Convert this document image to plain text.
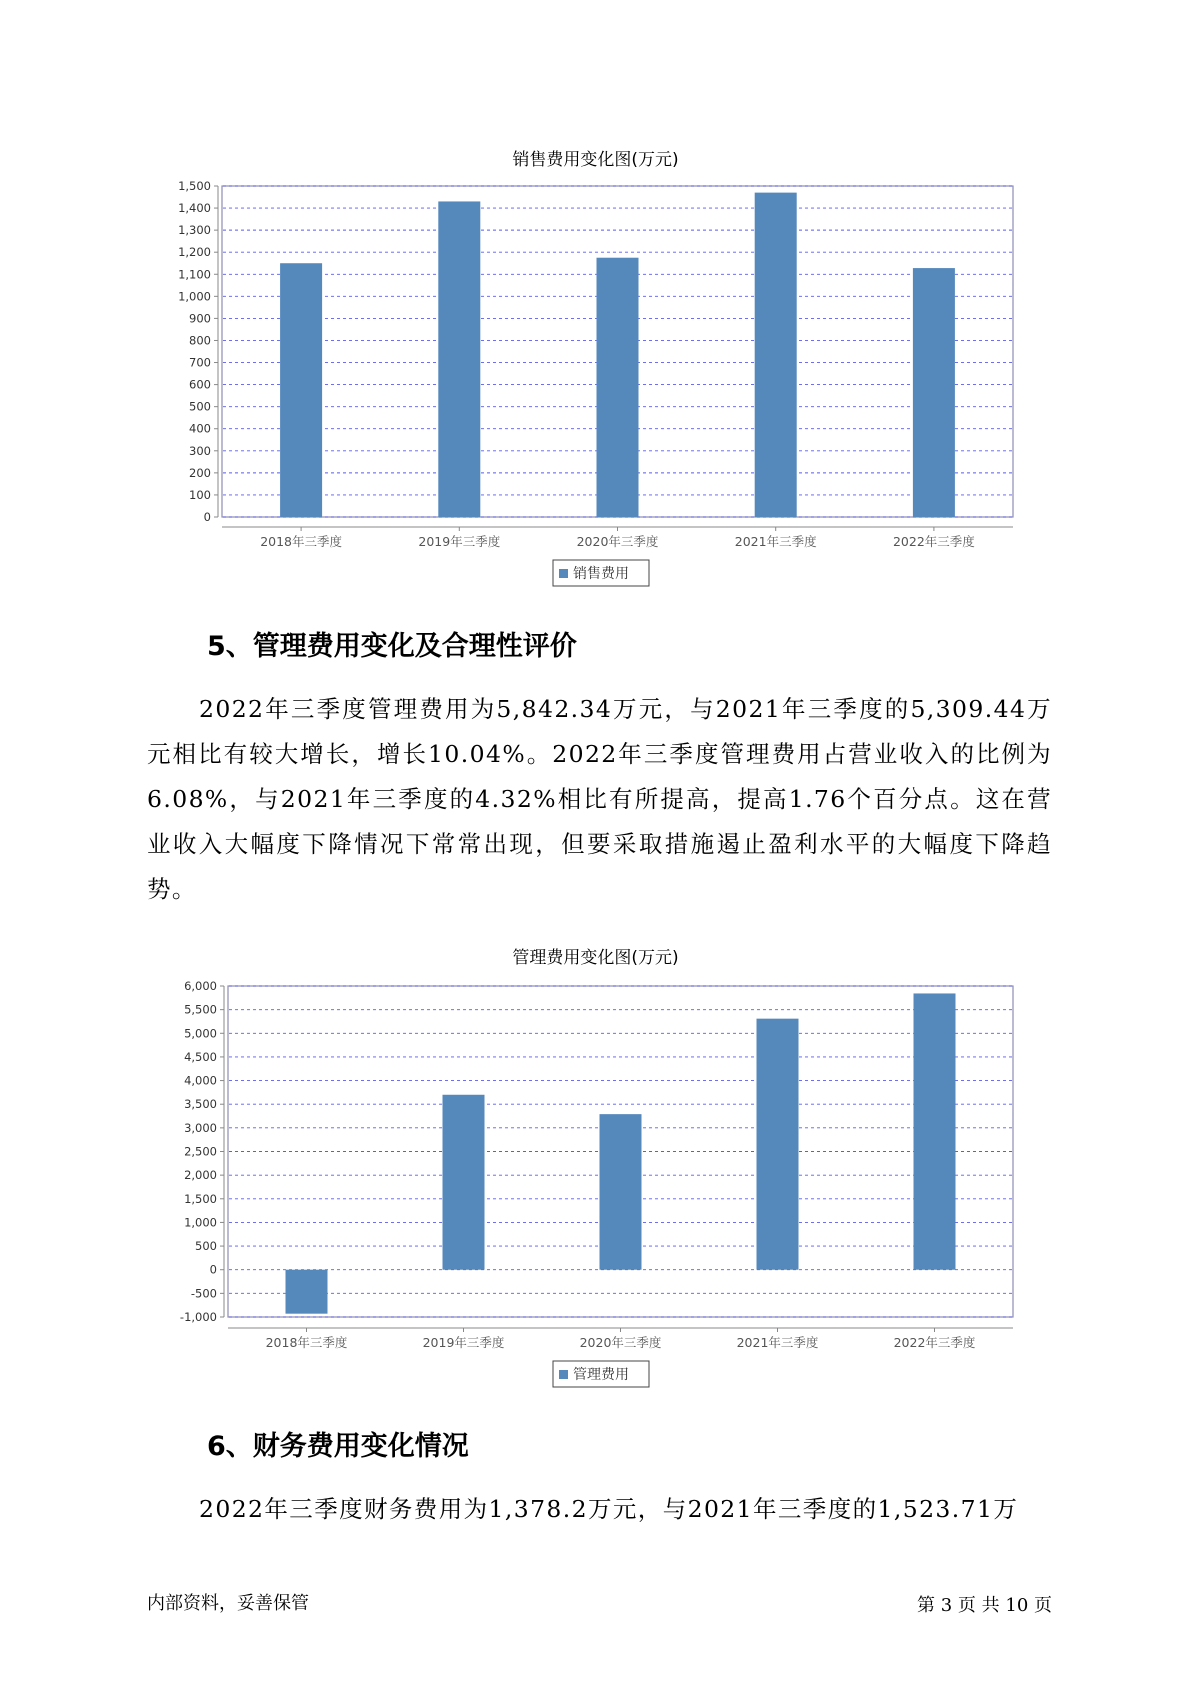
销售费用变化图(万元)
0
100
200
300
400
500
600
700
800
900
1,000
1,100
1,200
1,300
1,400
1,500
2018年三季度	2019年三季度	2020年三季度	2021年三季度	2022年三季度
销售费用
5、管理费用变化及合理性评价

2022年三季度管理费用为5,842.34万元，与2021年三季度的5,309.44万元相比有较大增长，增长10.04%。2022年三季度管理费用占营业收入的比例为6.08%，与2021年三季度的4.32%相比有所提高，提高1.76个百分点。这在营业收入大幅度下降情况下常常出现，但要采取措施遏止盈利水平的大幅度下降趋势。

管理费用变化图(万元)
-1,000
-500
0
500
1,000
1,500
2,000
2,500
3,000
3,500
4,000
4,500
5,000
5,500
6,000
2018年三季度	2019年三季度	2020年三季度	2021年三季度	2022年三季度
管理费用
6、财务费用变化情况

2022年三季度财务费用为1,378.2万元，与2021年三季度的1,523.71万

内部资料，妥善保管	第 3 页 共 10 页
